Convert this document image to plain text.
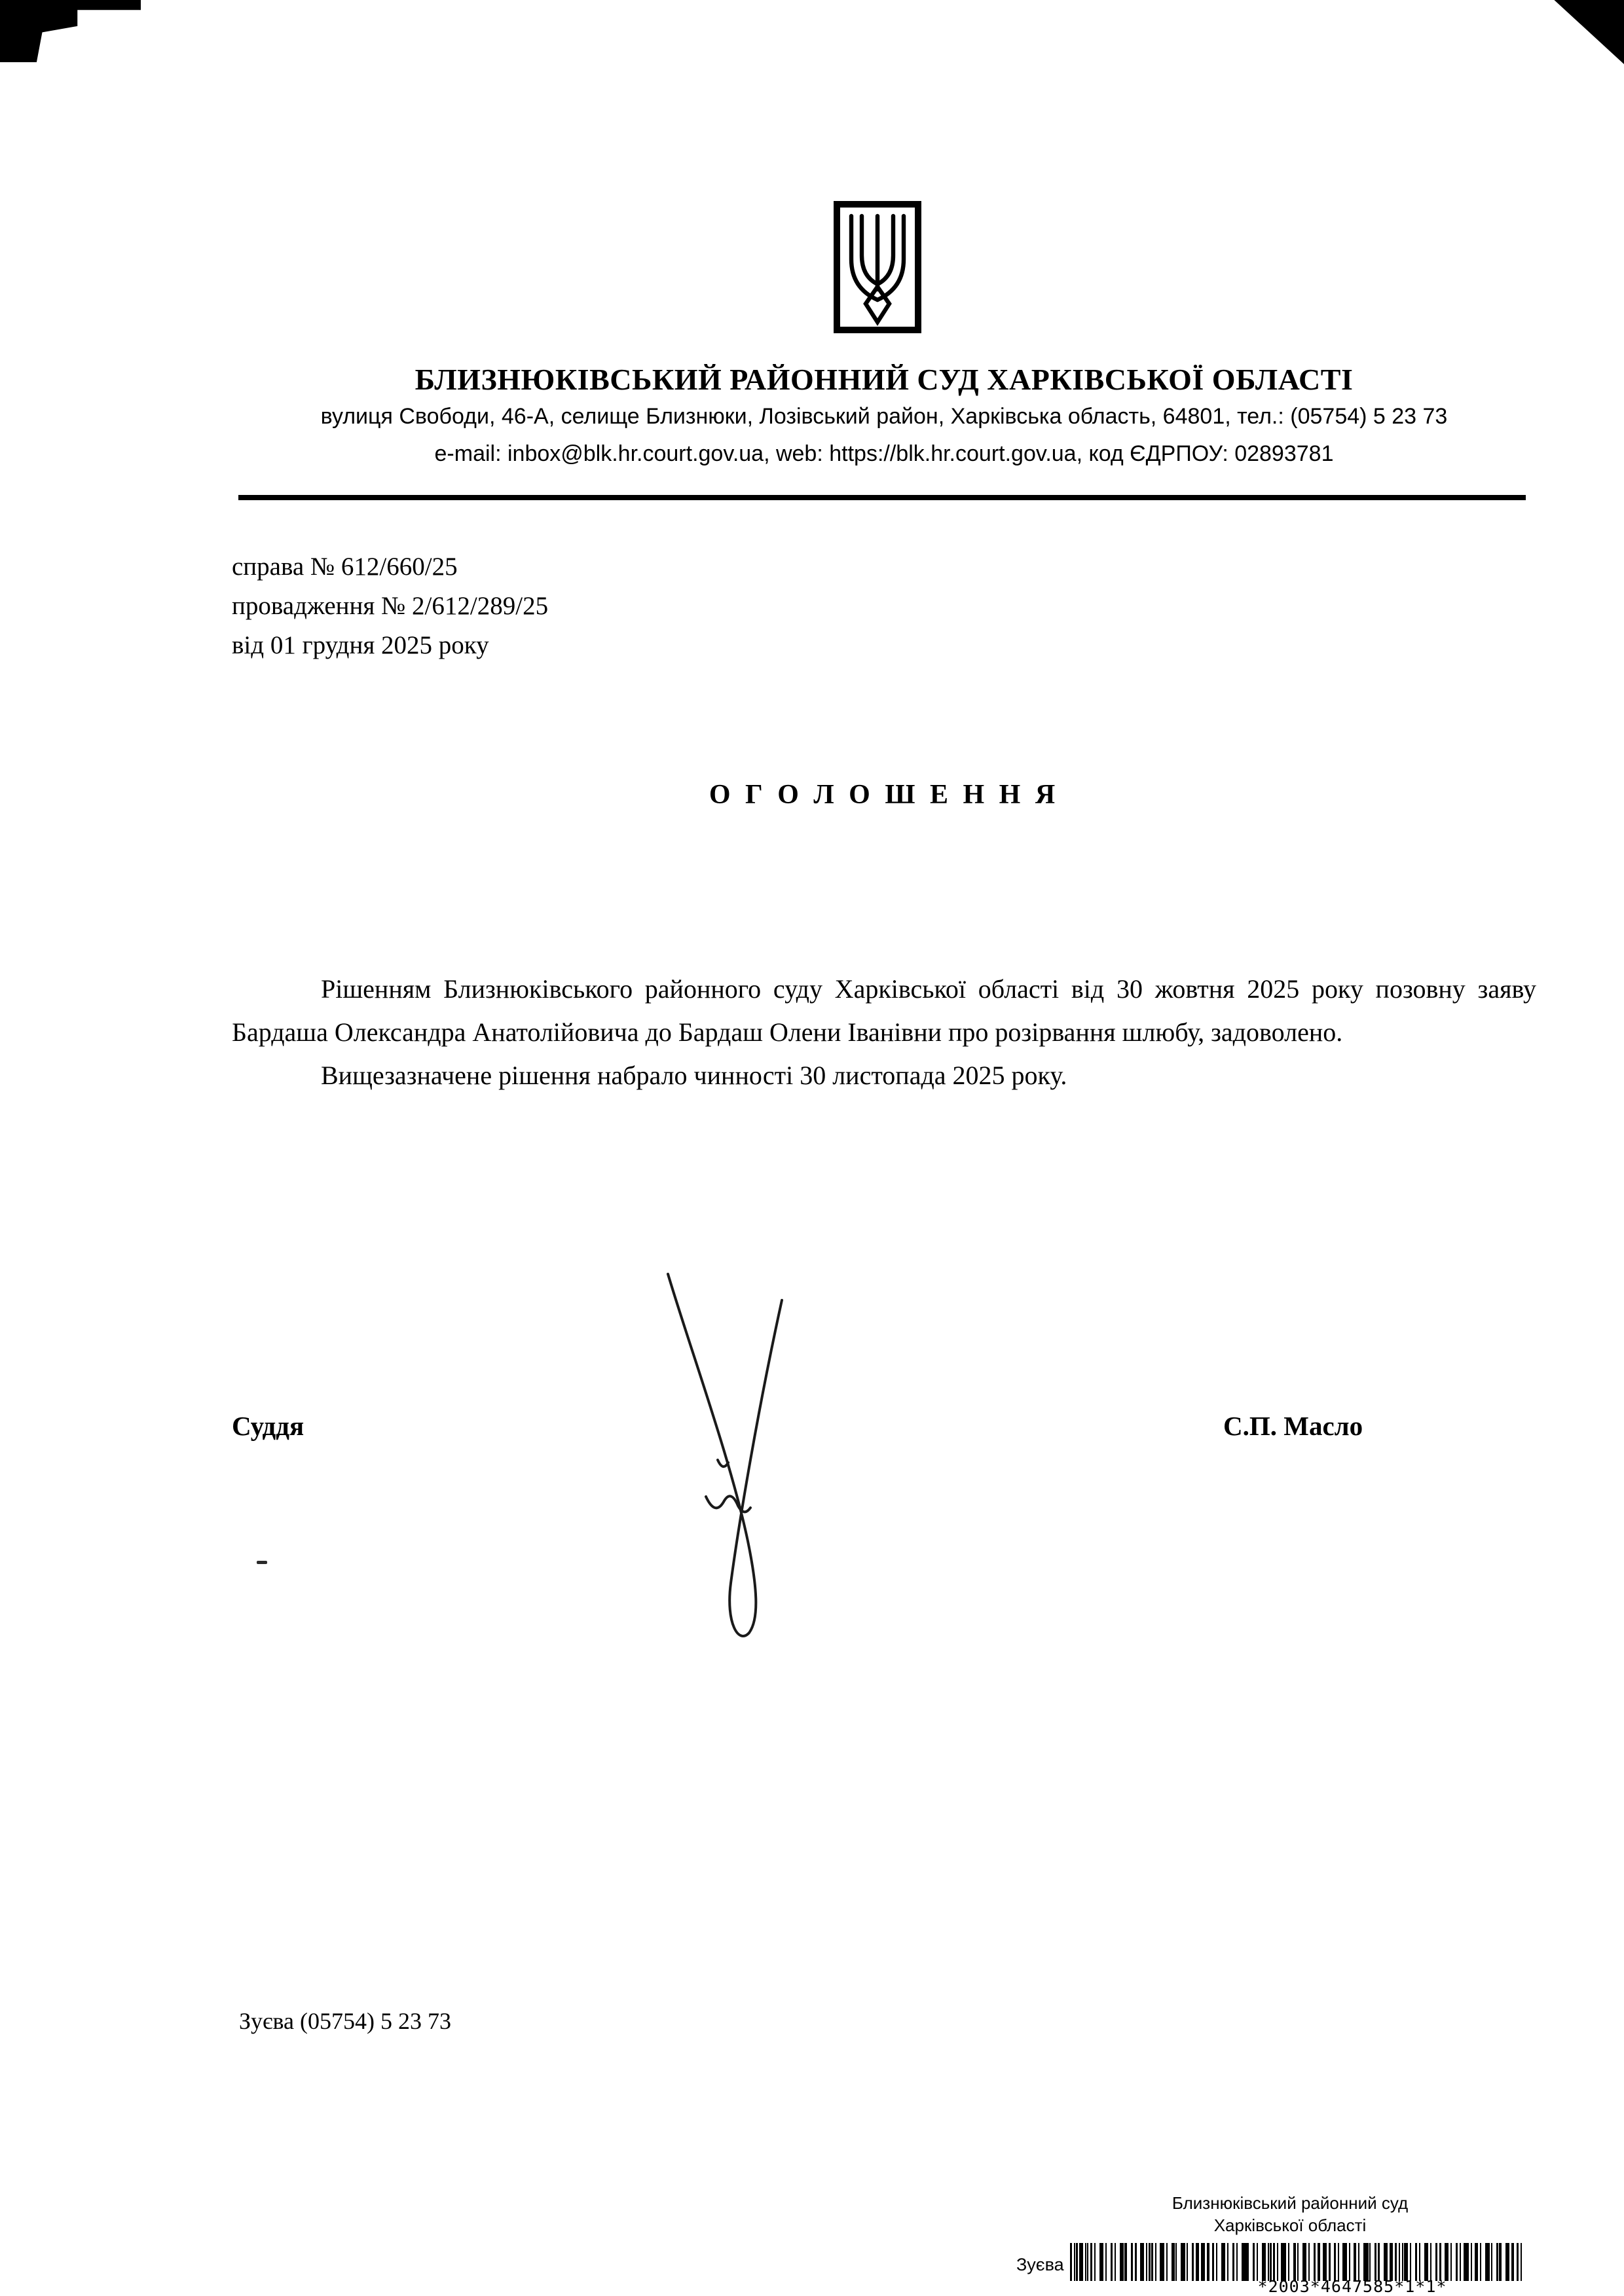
БЛИЗНЮКІВСЬКИЙ РАЙОННИЙ СУД ХАРКІВСЬКОЇ ОБЛАСТІ
вулиця Свободи, 46-А, селище Близнюки, Лозівський район, Харківська область, 64801, тел.: (05754) 5 23 73
e-mail: inbox@blk.hr.court.gov.ua, web: https://blk.hr.court.gov.ua, код ЄДРПОУ: 02893781
справа № 612/660/25
провадження № 2/612/289/25
від 01 грудня 2025 року
О Г О Л О Ш Е Н Н Я

Рішенням Близнюківського районного суду Харківської області від 30 жовтня 2025 року позовну заяву Бардаша Олександра Анатолійовича до Бардаш Олени Іванівни про розірвання шлюбу, задоволено.

Вищезазначене рішення набрало чинності 30 листопада 2025 року.

Суддя	С.П. Масло
Зуєва (05754) 5 23 73
Близнюківський районний суд
Харківської області
Зуєва
*2003*4647585*1*1*
